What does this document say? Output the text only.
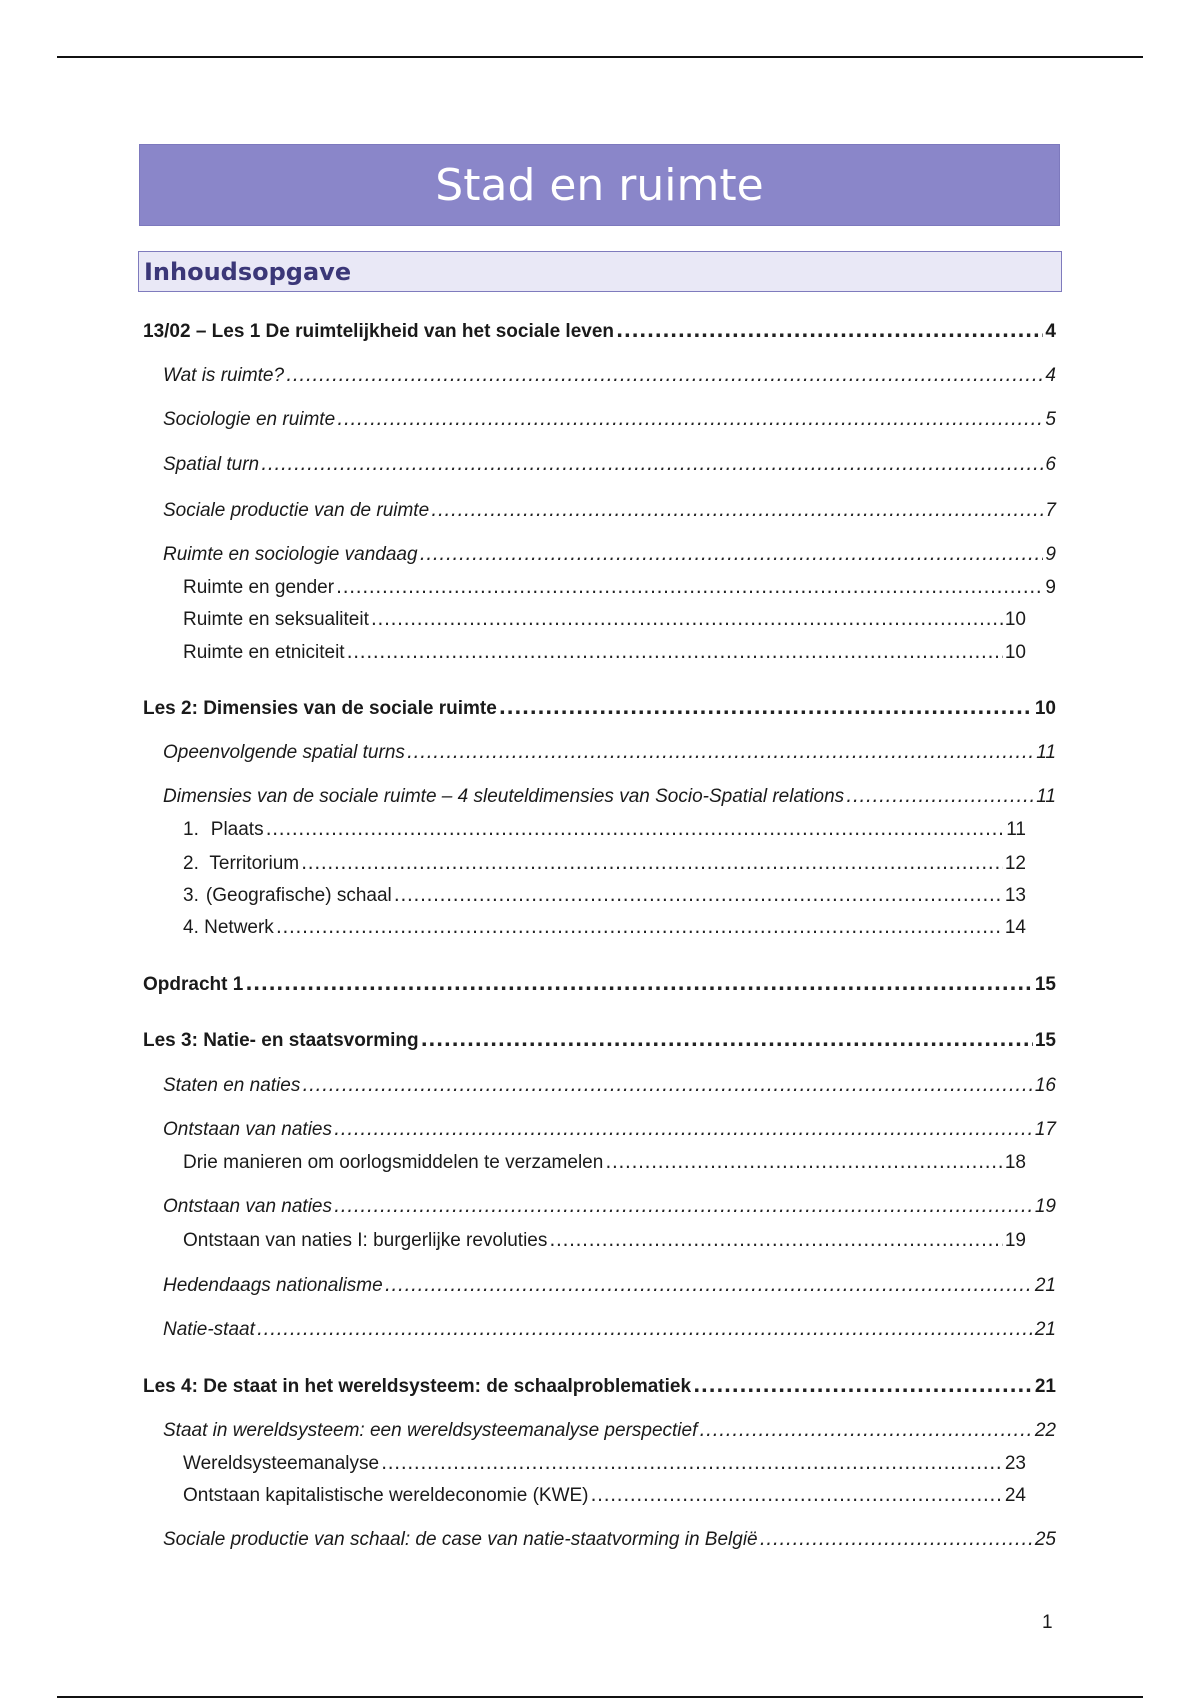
Stad en ruimte
Inhoudsopgave
13/02 – Les 1 De ruimtelijkheid van het sociale leven .....	4
Wat is ruimte? .....	4
Sociologie en ruimte .....	5
Spatial turn .....	6
Sociale productie van de ruimte .....	7
Ruimte en sociologie vandaag .....	9
Ruimte en gender .....	9
Ruimte en seksualiteit .....	10
Ruimte en etniciteit .....	10
Les 2: Dimensies van de sociale ruimte .....	10
Opeenvolgende spatial turns .....	11
Dimensies van de sociale ruimte – 4 sleuteldimensies van Socio-Spatial relations .....	11
1. Plaats .....	11
2. Territorium .....	12
3. (Geografische) schaal .....	13
4. Netwerk .....	14
Opdracht 1 .....	15
Les 3: Natie- en staatsvorming .....	15
Staten en naties .....	16
Ontstaan van naties .....	17
Drie manieren om oorlogsmiddelen te verzamelen .....	18
Ontstaan van naties .....	19
Ontstaan van naties I: burgerlijke revoluties .....	19
Hedendaags nationalisme .....	21
Natie-staat .....	21
Les 4: De staat in het wereldsysteem: de schaalproblematiek .....	21
Staat in wereldsysteem: een wereldsysteemanalyse perspectief .....	22
Wereldsysteemanalyse .....	23
Ontstaan kapitalistische wereldeconomie (KWE) .....	24
Sociale productie van schaal: de case van natie-staatvorming in België .....	25
1
